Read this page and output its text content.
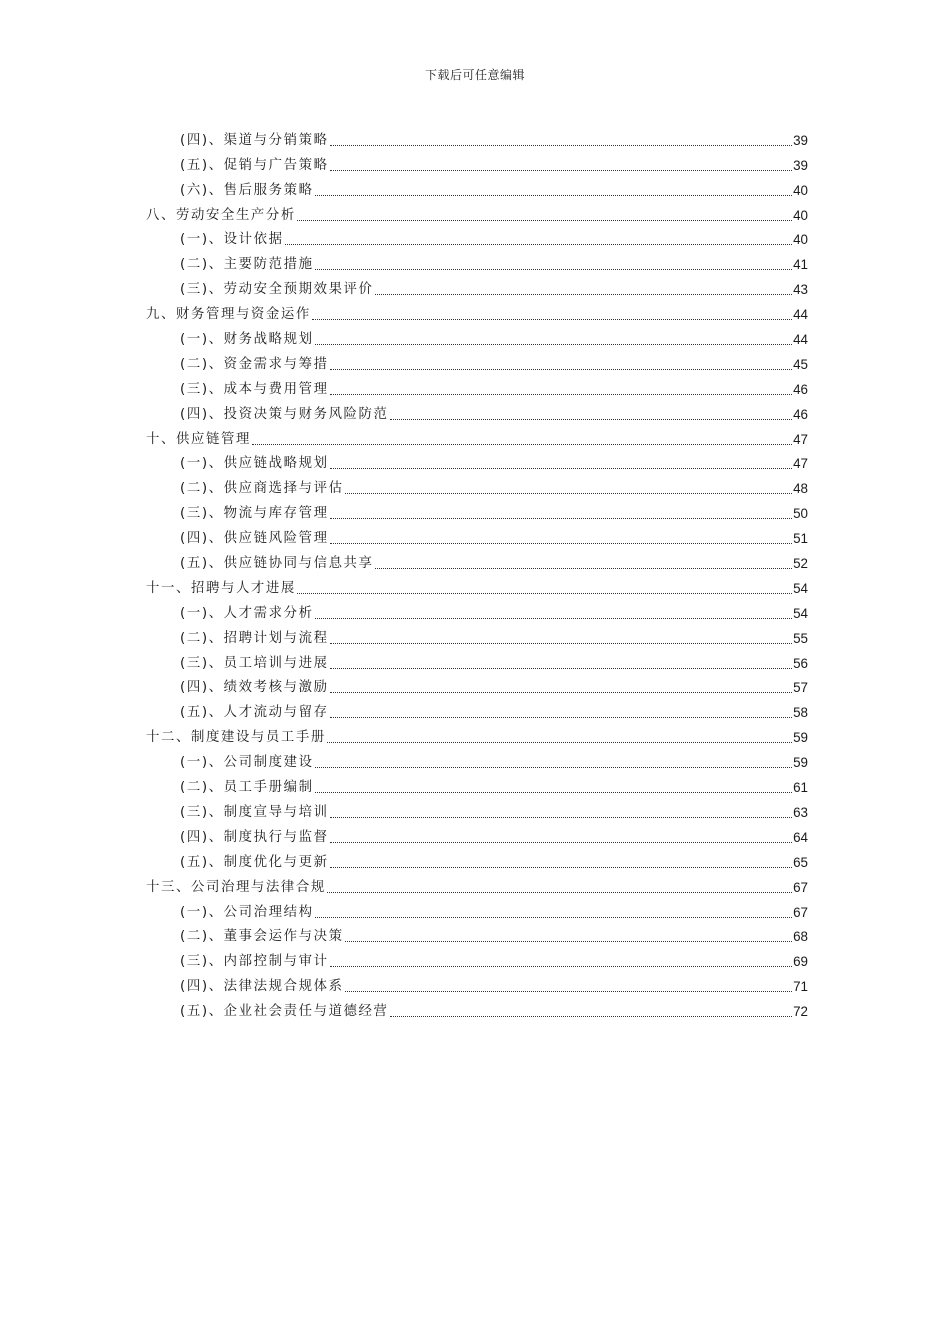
下载后可任意编辑
(四)、渠道与分销策略	39
(五)、促销与广告策略	39
(六)、售后服务策略	40
八、劳动安全生产分析	40
(一)、设计依据	40
(二)、主要防范措施	41
(三)、劳动安全预期效果评价	43
九、财务管理与资金运作	44
(一)、财务战略规划	44
(二)、资金需求与筹措	45
(三)、成本与费用管理	46
(四)、投资决策与财务风险防范	46
十、供应链管理	47
(一)、供应链战略规划	47
(二)、供应商选择与评估	48
(三)、物流与库存管理	50
(四)、供应链风险管理	51
(五)、供应链协同与信息共享	52
十一、招聘与人才进展	54
(一)、人才需求分析	54
(二)、招聘计划与流程	55
(三)、员工培训与进展	56
(四)、绩效考核与激励	57
(五)、人才流动与留存	58
十二、制度建设与员工手册	59
(一)、公司制度建设	59
(二)、员工手册编制	61
(三)、制度宣导与培训	63
(四)、制度执行与监督	64
(五)、制度优化与更新	65
十三、公司治理与法律合规	67
(一)、公司治理结构	67
(二)、董事会运作与决策	68
(三)、内部控制与审计	69
(四)、法律法规合规体系	71
(五)、企业社会责任与道德经营	72
